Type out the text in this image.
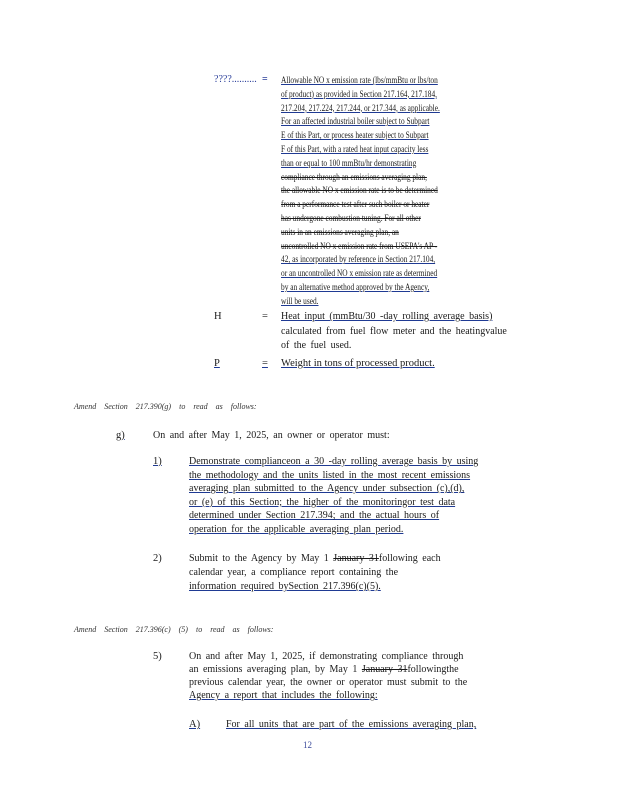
????.......... = Allowable NO x emission rate (lbs/mmBtu or lbs/ton
of product) as provided in Section 217.164, 217.184,
217.204, 217.224, 217.244, or 217.344, as applicable.
For an affected industrial boiler subject to Subpart
E of this Part, or process heater subject to Subpart
F of this Part, with a rated heat input capacity less
than or equal to 100 mmBtu/hr demonstrating
compliance through an emissions averaging plan,
the allowable NO x emission rate is to be determined
from a performance test after such boiler or heater
has undergone combustion tuning. For all other
units in an emissions averaging plan, an
uncontrolled NO x emission rate from USEPA's AP -
42, as incorporated by reference in Section 217.104,
or an uncontrolled NO x emission rate as determined
by an alternative method approved by the Agency,
will be used.
H	= Heat input (mmBtu/30 -day rolling average basis)
calculated from fuel flow meter and the heatingvalue
of the fuel used.
P	= Weight in tons of processed product.
Amend Section 217.390(g) to read as follows:
g)	On and after May 1, 2025, an owner or operator must:
1)	Demonstrate complianceon a 30 -day rolling average basis by using
the methodology and the units listed in the most recent emissions
averaging plan submitted to the Agency under subsection (c),(d),
or (e) of this Section; the higher of the monitoringor test data
determined under Section 217.394; and the actual hours of
operation for the applicable averaging plan period.
2)	Submit to the Agency by May 1 January 31following each
calendar year, a compliance report containing the
information required bySection 217.396(c)(5).
Amend Section 217.396(c) (5) to read as follows:
5)	On and after May 1, 2025, if demonstrating compliance through
an emissions averaging plan, by May 1 January 31followingthe
previous calendar year, the owner or operator must submit to the
Agency a report that includes the following:
A)	For all units that are part of the emissions averaging plan,
12
